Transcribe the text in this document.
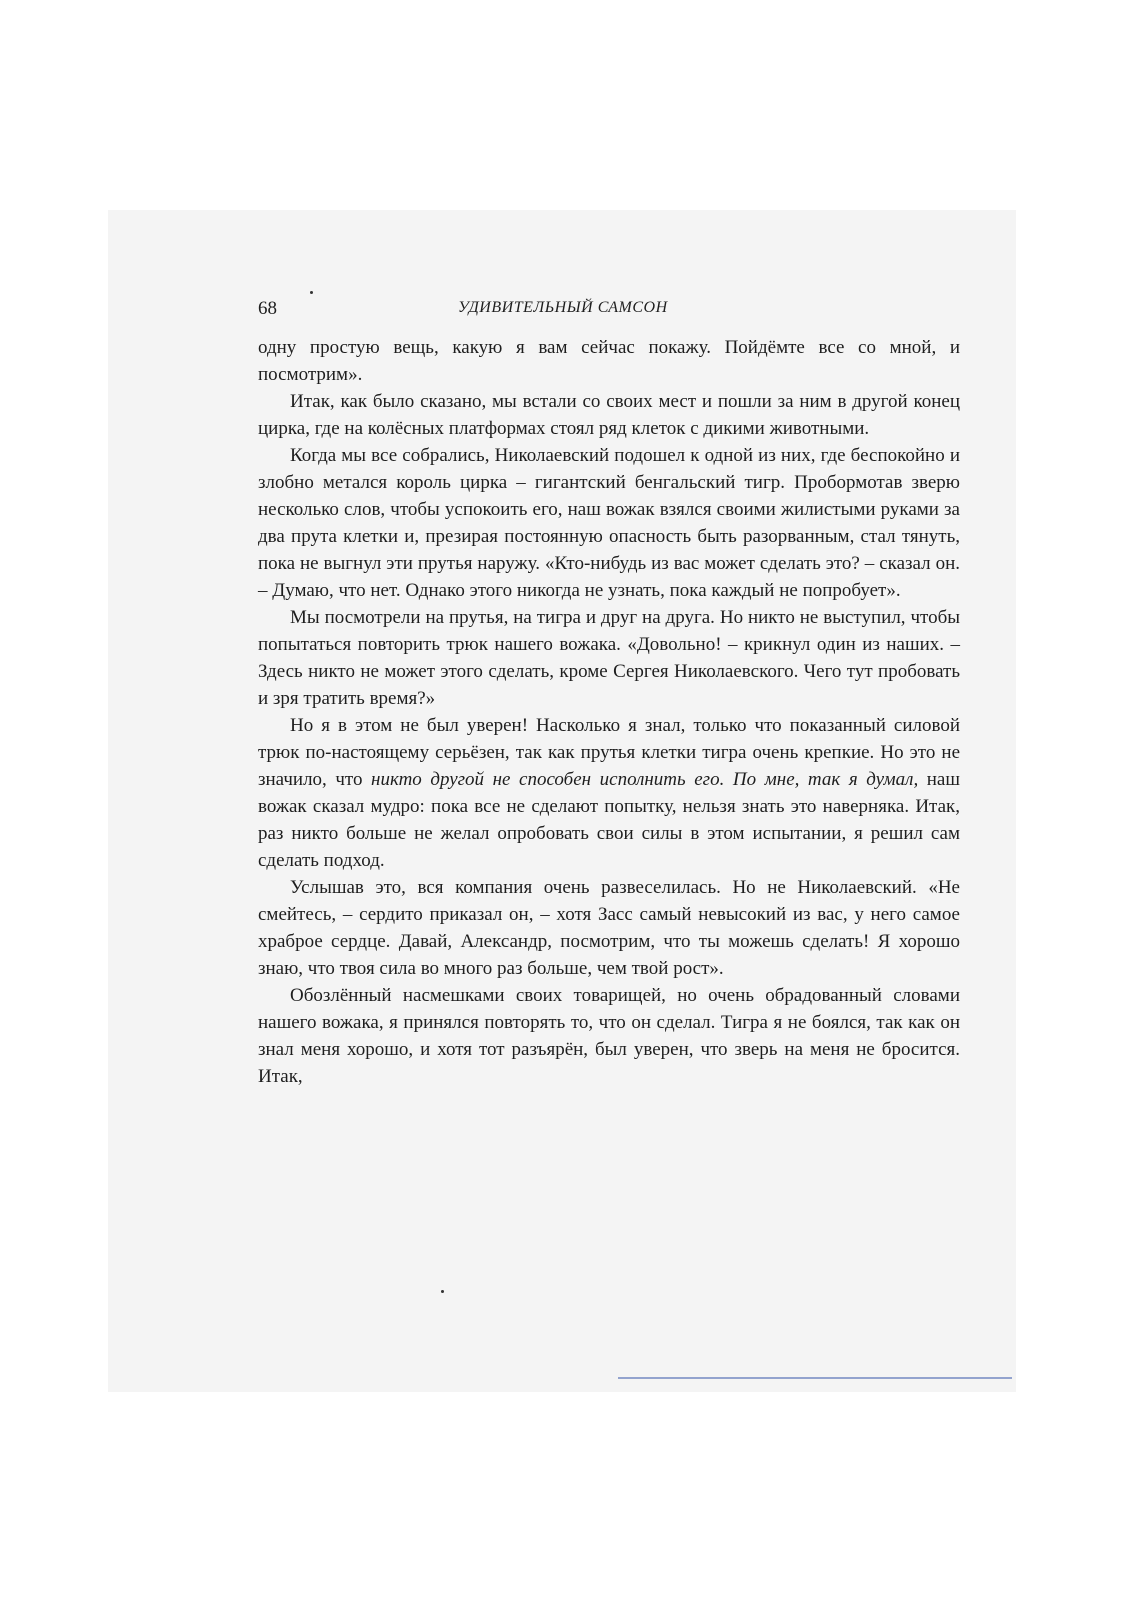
68	УДИВИТЕЛЬНЫЙ САМСОН

одну простую вещь, какую я вам сейчас покажу. Пойдёмте все со мной, и посмотрим».

Итак, как было сказано, мы встали со своих мест и пошли за ним в другой конец цирка, где на колёсных платформах стоял ряд клеток с дикими животными.

Когда мы все собрались, Николаевский подошел к одной из них, где беспокойно и злобно метался король цирка – гигантский бенгальский тигр. Пробормотав зверю несколько слов, чтобы успокоить его, наш вожак взялся своими жилистыми руками за два прута клетки и, презирая постоянную опасность быть разорванным, стал тянуть, пока не выгнул эти прутья наружу. «Кто-нибудь из вас может сделать это? – сказал он. – Думаю, что нет. Однако этого никогда не узнать, пока каждый не попробует».

Мы посмотрели на прутья, на тигра и друг на друга. Но никто не выступил, чтобы попытаться повторить трюк нашего вожака. «Довольно! – крикнул один из наших. – Здесь никто не может этого сделать, кроме Сергея Николаевского. Чего тут пробовать и зря тратить время?»

Но я в этом не был уверен! Насколько я знал, только что показанный силовой трюк по-настоящему серьёзен, так как прутья клетки тигра очень крепкие. Но это не значило, что никто другой не способен исполнить его. По мне, так я думал, наш вожак сказал мудро: пока все не сделают попытку, нельзя знать это наверняка. Итак, раз никто больше не желал опробовать свои силы в этом испытании, я решил сам сделать подход.

Услышав это, вся компания очень развеселилась. Но не Николаевский. «Не смейтесь, – сердито приказал он, – хотя Засс самый невысокий из вас, у него самое храброе сердце. Давай, Александр, посмотрим, что ты можешь сделать! Я хорошо знаю, что твоя сила во много раз больше, чем твой рост».

Обозлённый насмешками своих товарищей, но очень обрадованный словами нашего вожака, я принялся повторять то, что он сделал. Тигра я не боялся, так как он знал меня хорошо, и хотя тот разъярён, был уверен, что зверь на меня не бросится. Итак,
